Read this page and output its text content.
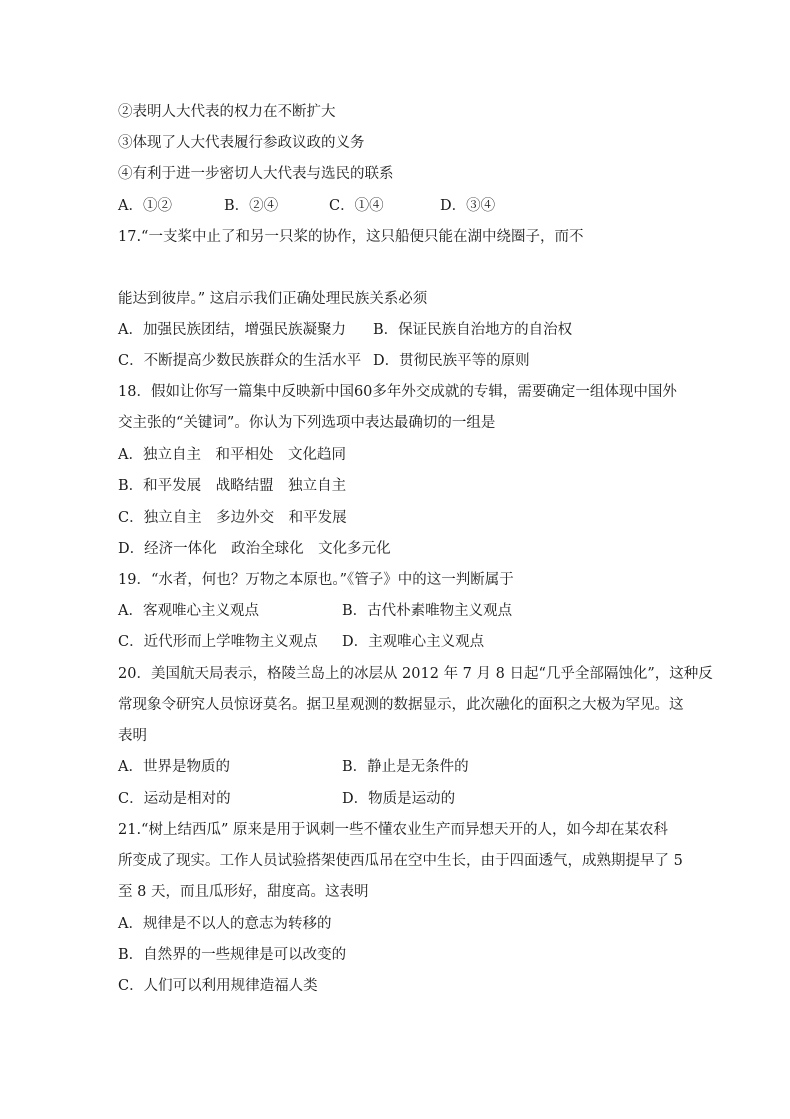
②表明人大代表的权力在不断扩大
③体现了人大代表履行参政议政的义务
④有利于进一步密切人大代表与选民的联系
A．①②	B．②④	C．①④	D．③④
17.“一支桨中止了和另一只桨的协作，这只船便只能在湖中绕圈子，而不
能达到彼岸。” 这启示我们正确处理民族关系必须
A．加强民族团结，增强民族凝聚力 B．保证民族自治地方的自治权
C．不断提高少数民族群众的生活水平 D．贯彻民族平等的原则
18．假如让你写一篇集中反映新中国60多年外交成就的专辑，需要确定一组体现中国外
交主张的“关键词”。你认为下列选项中表达最确切的一组是
A．独立自主　和平相处　文化趋同
B．和平发展　战略结盟　独立自主
C．独立自主　多边外交　和平发展
D．经济一体化　政治全球化　文化多元化
19．“水者，何也？万物之本原也。”《管子》中的这一判断属于
A．客观唯心主义观点	B．古代朴素唯物主义观点
C．近代形而上学唯物主义观点 D．主观唯心主义观点
20．美国航天局表示，格陵兰岛上的冰层从 2012 年 7 月 8 日起“几乎全部隔蚀化”，这种反
常现象令研究人员惊讶莫名。据卫星观测的数据显示，此次融化的面积之大极为罕见。这
表明
A．世界是物质的	B．静止是无条件的
C．运动是相对的	D．物质是运动的
21.“树上结西瓜” 原来是用于讽刺一些不懂农业生产而异想天开的人，如今却在某农科
所变成了现实。工作人员试验搭架使西瓜吊在空中生长，由于四面透气，成熟期提早了 5
至 8 天，而且瓜形好，甜度高。这表明
A．规律是不以人的意志为转移的
B．自然界的一些规律是可以改变的
C．人们可以利用规律造福人类
